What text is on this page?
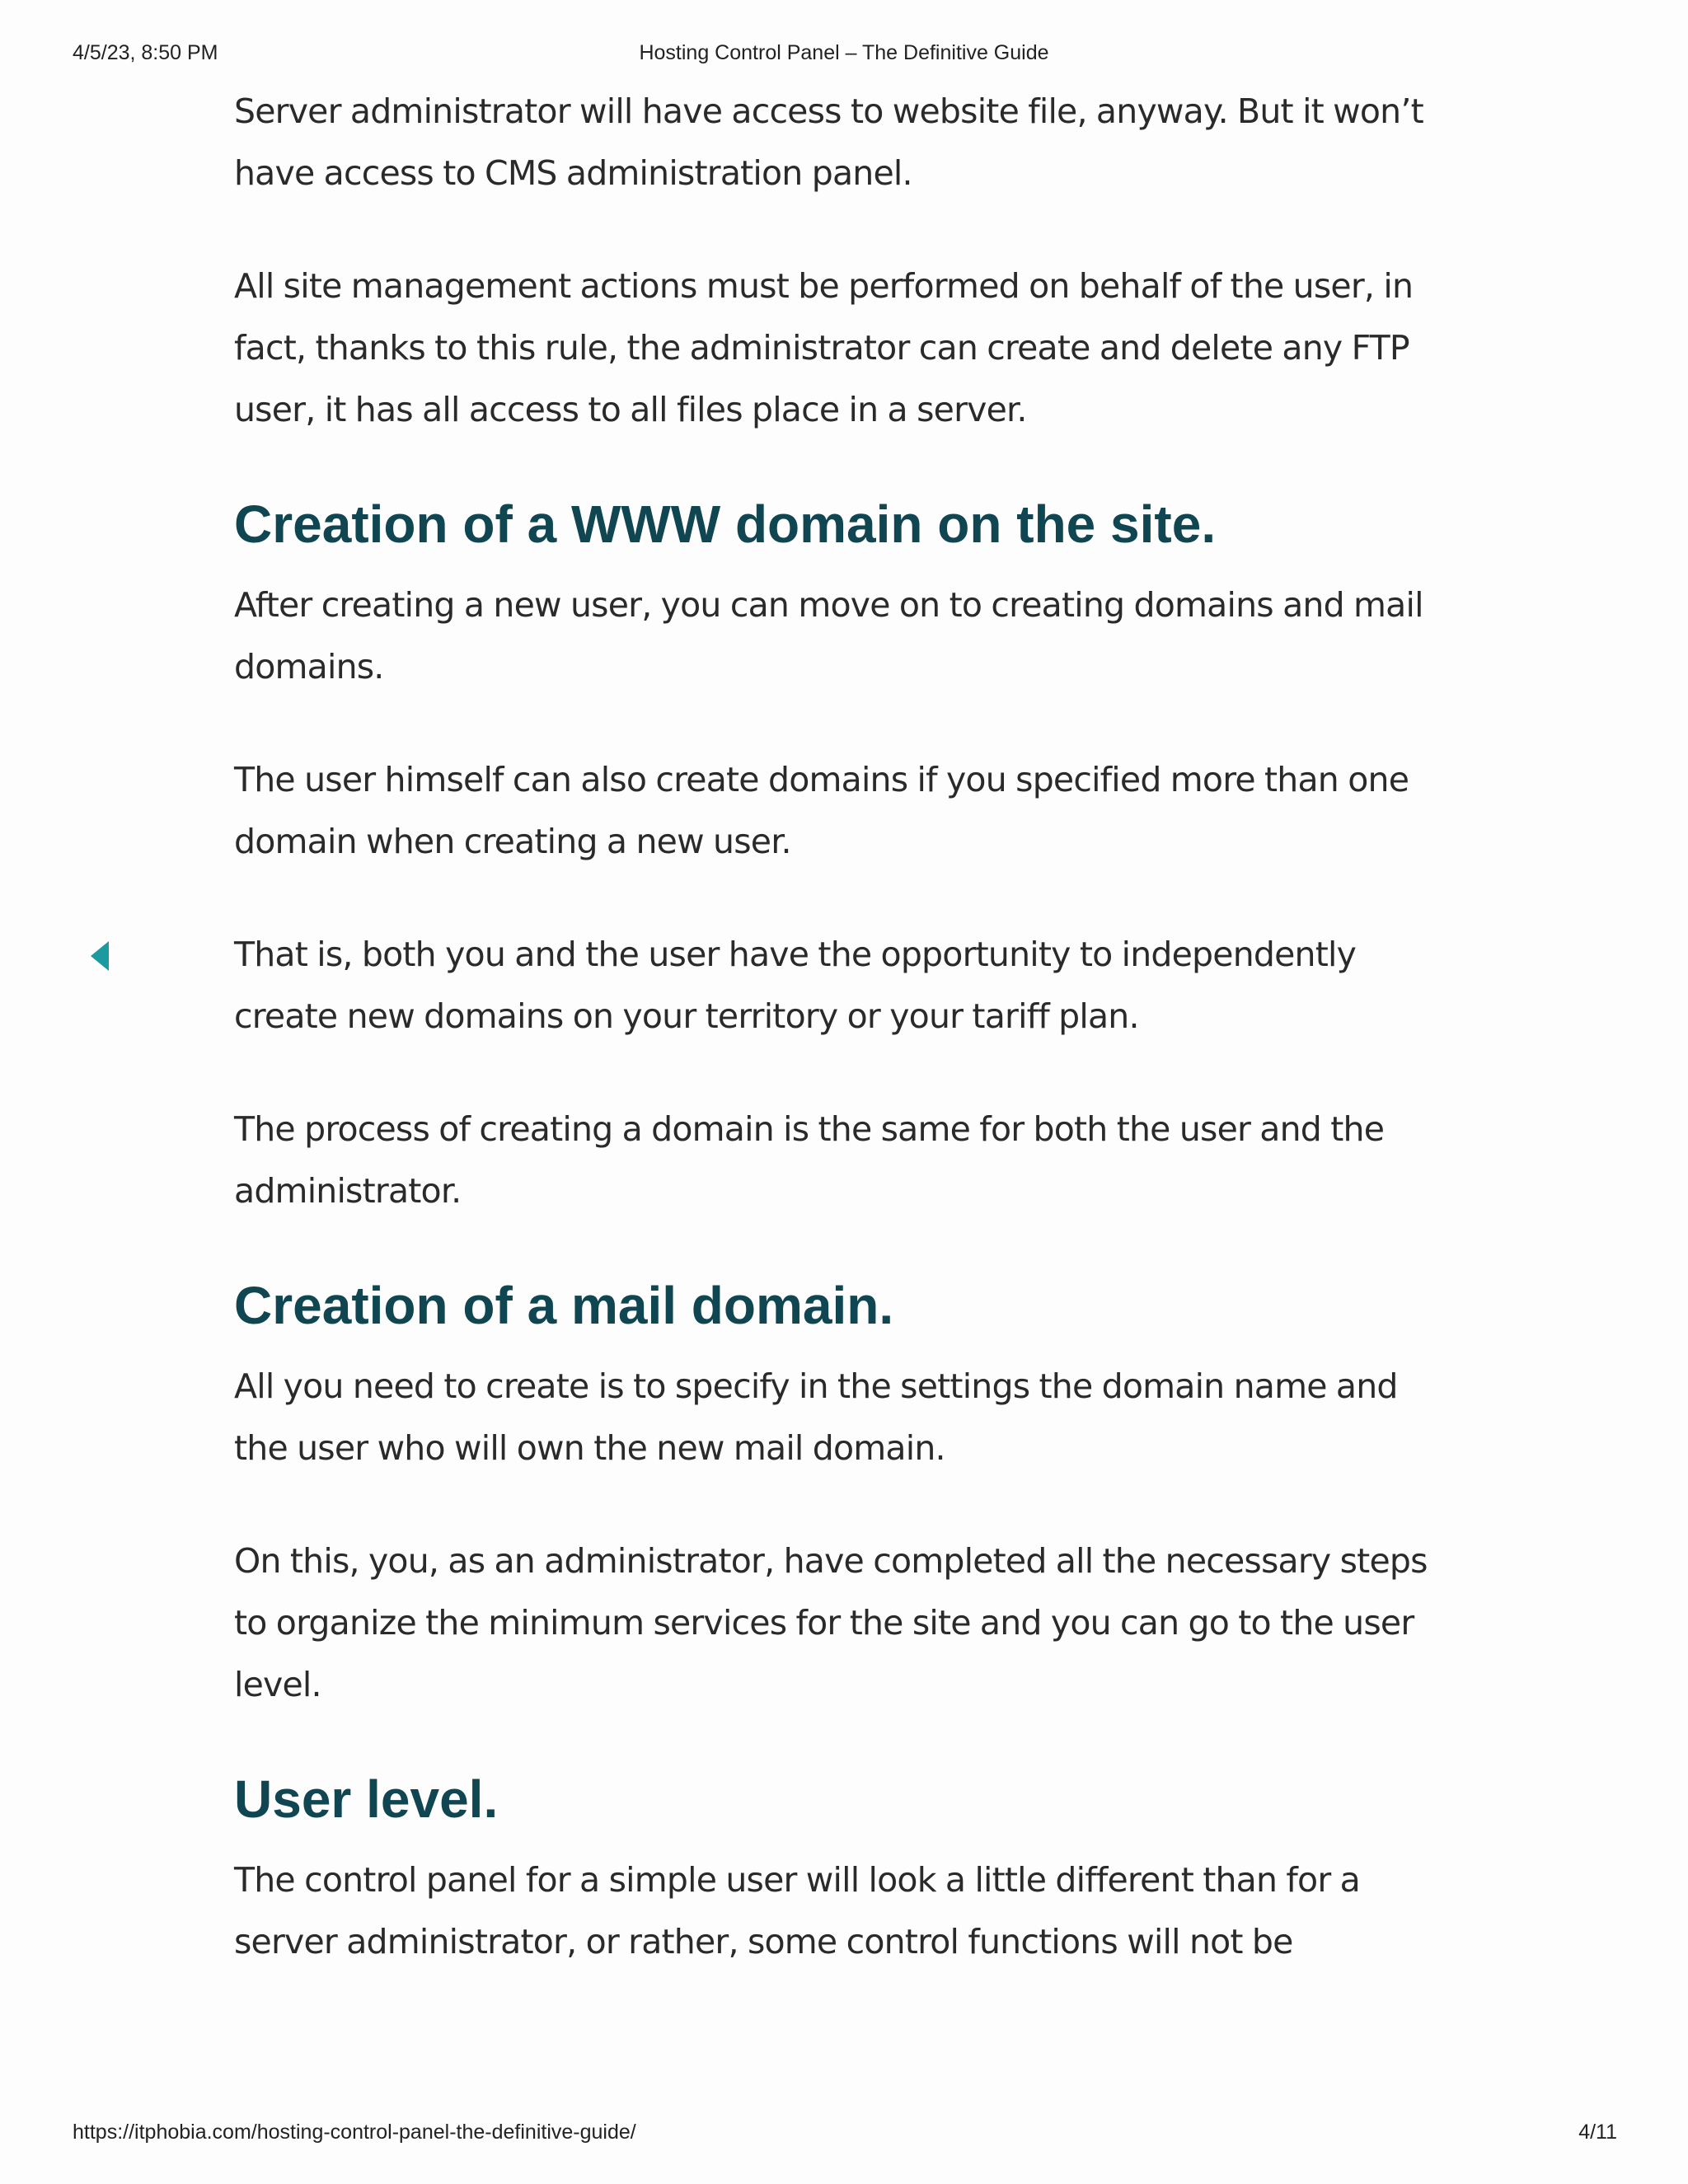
4/5/23, 8:50 PM	Hosting Control Panel – The Definitive Guide

Server administrator will have access to website file, anyway. But it won’t have access to CMS administration panel.

All site management actions must be performed on behalf of the user, in fact, thanks to this rule, the administrator can create and delete any FTP user, it has all access to all files place in a server.

Creation of a WWW domain on the site.

After creating a new user, you can move on to creating domains and mail domains.

The user himself can also create domains if you specified more than one domain when creating a new user.

That is, both you and the user have the opportunity to independently create new domains on your territory or your tariff plan.

The process of creating a domain is the same for both the user and the administrator.

Creation of a mail domain.

All you need to create is to specify in the settings the domain name and the user who will own the new mail domain.

On this, you, as an administrator, have completed all the necessary steps to organize the minimum services for the site and you can go to the user level.

User level.

The control panel for a simple user will look a little different than for a server administrator, or rather, some control functions will not be

https://itphobia.com/hosting-control-panel-the-definitive-guide/	4/11
